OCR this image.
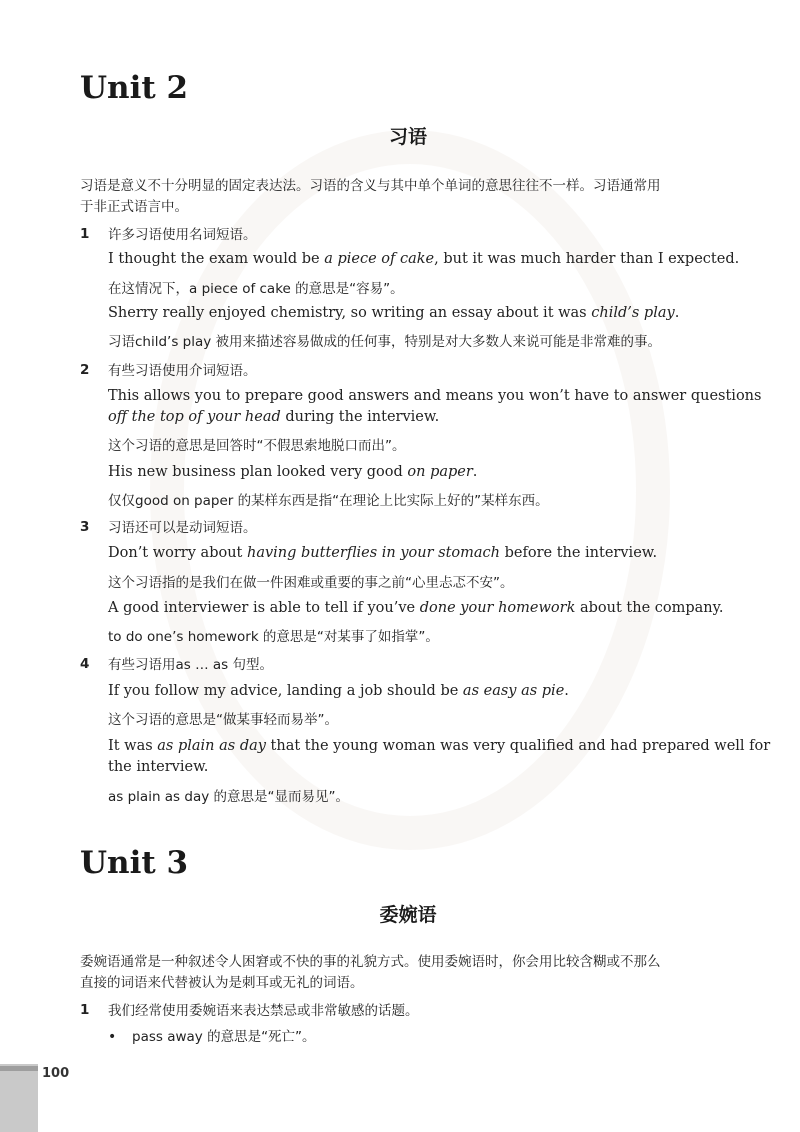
Unit 2
习语

习语是意义不十分明显的固定表达法。习语的含义与其中单个单词的意思往往不一样。习语通常用

于非正式语言中。

1 许多习语使用名词短语。

I thought the exam would be a piece of cake, but it was much harder than I expected.

在这情况下，a piece of cake 的意思是“容易”。

Sherry really enjoyed chemistry, so writing an essay about it was child’s play.

习语child’s play 被用来描述容易做成的任何事，特别是对大多数人来说可能是非常难的事。

2 有些习语使用介词短语。

This allows you to prepare good answers and means you won’t have to answer questions

off the top of your head during the interview.

这个习语的意思是回答时“不假思索地脱口而出”。

His new business plan looked very good on paper.

仅仅good on paper 的某样东西是指“在理论上比实际上好的”某样东西。

3 习语还可以是动词短语。

Don’t worry about having butterflies in your stomach before the interview.

这个习语指的是我们在做一件困难或重要的事之前“心里忐忑不安”。

A good interviewer is able to tell if you’ve done your homework about the company.

to do one’s homework 的意思是“对某事了如指掌”。

4 有些习语用as … as 句型。

If you follow my advice, landing a job should be as easy as pie.

这个习语的意思是“做某事轻而易举”。

It was as plain as day that the young woman was very qualified and had prepared well for

the interview.

as plain as day 的意思是“显而易见”。

Unit 3
委婉语

委婉语通常是一种叙述令人困窘或不快的事的礼貌方式。使用委婉语时，你会用比较含糊或不那么

直接的词语来代替被认为是刺耳或无礼的词语。

1 我们经常使用委婉语来表达禁忌或非常敏感的话题。

• pass away 的意思是“死亡”。

100
